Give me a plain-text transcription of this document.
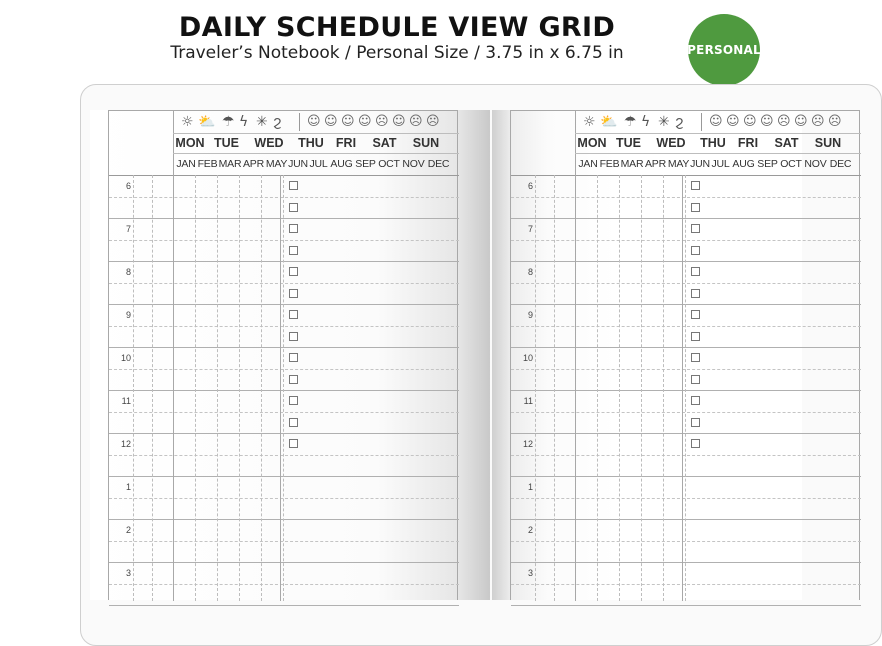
DAILY SCHEDULE VIEW GRID
Traveler’s Notebook / Personal Size / 3.75 in x 6.75 in	PERSONAL
☼ ⛅ ☂ ϟ ✳ ϩ ☺ ☺ ☺ ☺ ☹ ☺ ☹ ☹
MON TUE	WED	THU FRI	SAT	SUN
JAN FEB MAR APR MAY JUN JUL AUG SEP OCT NOV DEC
6
7
8
9
10
11
12
1
2
3
☼ ⛅ ☂ ϟ ✳ ϩ ☺ ☺ ☺ ☺ ☹ ☺ ☹ ☹
MON TUE	WED	THU FRI	SAT	SUN
JAN FEB MAR APR MAY JUN JUL AUG SEP OCT NOV DEC
6
7
8
9
10
11
12
1
2
3
